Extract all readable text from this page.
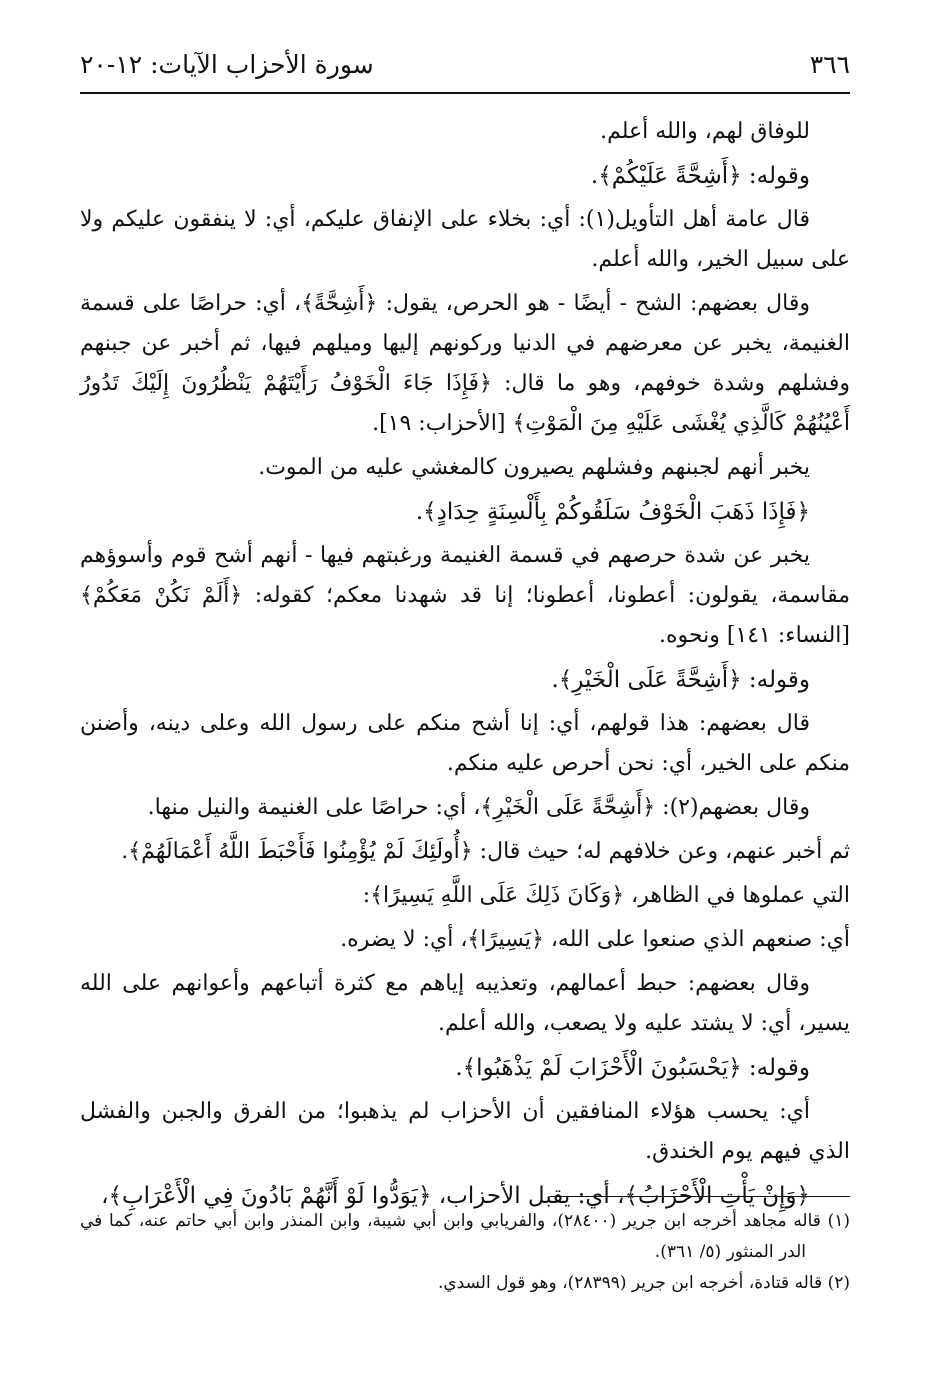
٣٦٦
سورة الأحزاب الآيات: ١٢-٢٠

للوفاق لهم، والله أعلم.

وقوله: ﴿أَشِحَّةً عَلَيْكُمْ﴾.

قال عامة أهل التأويل(١): أي: بخلاء على الإنفاق عليكم، أي: لا ينفقون عليكم ولا على سبيل الخير، والله أعلم.

وقال بعضهم: الشح - أيضًا - هو الحرص، يقول: ﴿أَشِحَّةً﴾، أي: حراصًا على قسمة الغنيمة، يخبر عن معرضهم في الدنيا وركونهم إليها وميلهم فيها، ثم أخبر عن جبنهم وفشلهم وشدة خوفهم، وهو ما قال: ﴿فَإِذَا جَاءَ الْخَوْفُ رَأَيْتَهُمْ يَنْظُرُونَ إِلَيْكَ تَدُورُ أَعْيُنُهُمْ كَالَّذِي يُغْشَى عَلَيْهِ مِنَ الْمَوْتِ﴾ [الأحزاب: ١٩].

يخبر أنهم لجبنهم وفشلهم يصيرون كالمغشي عليه من الموت.

﴿فَإِذَا ذَهَبَ الْخَوْفُ سَلَقُوكُمْ بِأَلْسِنَةٍ حِدَادٍ﴾.

يخبر عن شدة حرصهم في قسمة الغنيمة ورغبتهم فيها - أنهم أشح قوم وأسوؤهم مقاسمة، يقولون: أعطونا، أعطونا؛ إنا قد شهدنا معكم؛ كقوله: ﴿أَلَمْ نَكُنْ مَعَكُمْ﴾ [النساء: ١٤١] ونحوه.

وقوله: ﴿أَشِحَّةً عَلَى الْخَيْرِ﴾.

قال بعضهم: هذا قولهم، أي: إنا أشح منكم على رسول الله وعلى دينه، وأضنن منكم على الخير، أي: نحن أحرص عليه منكم.

وقال بعضهم(٢): ﴿أَشِحَّةً عَلَى الْخَيْرِ﴾، أي: حراصًا على الغنيمة والنيل منها.

ثم أخبر عنهم، وعن خلافهم له؛ حيث قال: ﴿أُولَئِكَ لَمْ يُؤْمِنُوا فَأَحْبَطَ اللَّهُ أَعْمَالَهُمْ﴾.

التي عملوها في الظاهر، ﴿وَكَانَ ذَلِكَ عَلَى اللَّهِ يَسِيرًا﴾:

أي: صنعهم الذي صنعوا على الله، ﴿يَسِيرًا﴾، أي: لا يضره.

وقال بعضهم: حبط أعمالهم، وتعذيبه إياهم مع كثرة أتباعهم وأعوانهم على الله يسير، أي: لا يشتد عليه ولا يصعب، والله أعلم.

وقوله: ﴿يَحْسَبُونَ الْأَحْزَابَ لَمْ يَذْهَبُوا﴾.

أي: يحسب هؤلاء المنافقين أن الأحزاب لم يذهبوا؛ من الفرق والجبن والفشل الذي فيهم يوم الخندق.

﴿وَإِنْ يَأْتِ الْأَحْزَابُ﴾، أي: يقبل الأحزاب، ﴿يَوَدُّوا لَوْ أَنَّهُمْ بَادُونَ فِي الْأَعْرَابِ﴾،

(١) قاله مجاهد أخرجه ابن جرير (٢٨٤٠٠)، والفريابي وابن أبي شيبة، وابن المنذر وابن أبي حاتم عنه، كما في الدر المنثور (٥/ ٣٦١).

(٢) قاله قتادة، أخرجه ابن جرير (٢٨٣٩٩)، وهو قول السدي.
